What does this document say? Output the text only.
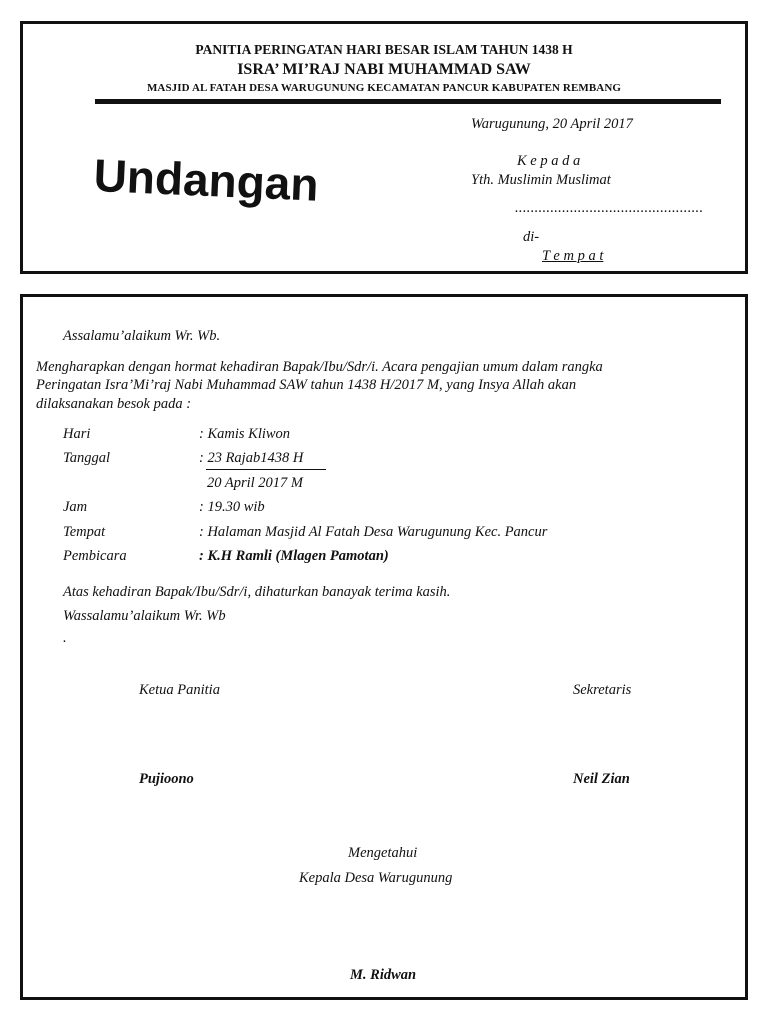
PANITIA PERINGATAN HARI BESAR ISLAM TAHUN 1438 H
ISRA’ MI’RAJ NABI MUHAMMAD SAW
MASJID AL FATAH DESA WARUGUNUNG KECAMATAN PANCUR KABUPATEN REMBANG
Undangan
Warugunung, 20 April 2017
K e p a d a
Yth. Muslimin Muslimat
................................................
di-
T e m p a t
Assalamu’alaikum Wr. Wb.
Mengharapkan dengan hormat kehadiran Bapak/Ibu/Sdr/i. Acara pengajian umum dalam rangka
Peringatan Isra’Mi’raj Nabi Muhammad SAW tahun 1438 H/2017 M, yang Insya Allah akan
dilaksanakan besok pada :
Hari	: Kamis Kliwon
Tanggal	: 23 Rajab1438 H
20 April 2017 M
Jam	: 19.30 wib
Tempat	: Halaman Masjid Al Fatah Desa Warugunung Kec. Pancur
Pembicara	: K.H Ramli (Mlagen Pamotan)
Atas kehadiran Bapak/Ibu/Sdr/i, dihaturkan banayak terima kasih.
Wassalamu’alaikum Wr. Wb
.
Ketua Panitia	Sekretaris
Pujioono	Neil Zian
Mengetahui
Kepala Desa Warugunung
M. Ridwan
